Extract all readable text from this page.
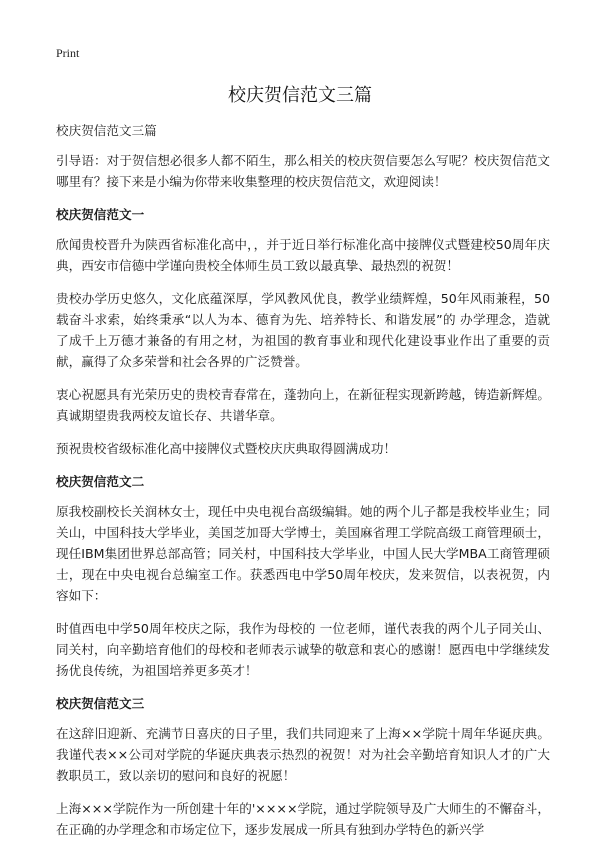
Print
校庆贺信范文三篇

校庆贺信范文三篇

引导语：对于贺信想必很多人都不陌生，那么相关的校庆贺信要怎么写呢？校庆贺信范文哪里有？接下来是小编为你带来收集整理的校庆贺信范文，欢迎阅读！

校庆贺信范文一

欣闻贵校晋升为陕西省标准化高中，，并于近日举行标准化高中接牌仪式暨建校50周年庆典，西安市信德中学谨向贵校全体师生员工致以最真挚、最热烈的祝贺！

贵校办学历史悠久，文化底蕴深厚，学风教风优良，教学业绩辉煌，50年风雨兼程，50载奋斗求索，始终秉承“以人为本、德育为先、培养特长、和谐发展”的 办学理念，造就了成千上万德才兼备的有用之材，为祖国的教育事业和现代化建设事业作出了重要的贡献，赢得了众多荣誉和社会各界的广泛赞誉。

衷心祝愿具有光荣历史的贵校青春常在，蓬勃向上，在新征程实现新跨越，铸造新辉煌。真诚期望贵我两校友谊长存、共谱华章。

预祝贵校省级标准化高中接牌仪式暨校庆庆典取得圆满成功！

校庆贺信范文二

原我校副校长关润林女士，现任中央电视台高级编辑。她的两个儿子都是我校毕业生；同关山，中国科技大学毕业，美国芝加哥大学博士，美国麻省理工学院高级工商管理硕士，现任IBM集团世界总部高管；同关村，中国科技大学毕业，中国人民大学MBA工商管理硕士，现在中央电视台总编室工作。获悉西电中学50周年校庆，发来贺信，以表祝贺，内容如下：

时值西电中学50周年校庆之际，我作为母校的 一位老师，谨代表我的两个儿子同关山、同关村，向辛勤培育他们的母校和老师表示诚挚的敬意和衷心的感谢！愿西电中学继续发扬优良传统，为祖国培养更多英才！

校庆贺信范文三

在这辞旧迎新、充满节日喜庆的日子里，我们共同迎来了上海××学院十周年华诞庆典。我谨代表××公司对学院的华诞庆典表示热烈的祝贺！对为社会辛勤培育知识人才的广大教职员工，致以亲切的慰问和良好的祝愿！

上海×××学院作为一所创建十年的'××××学院，通过学院领导及广大师生的不懈奋斗，在正确的办学理念和市场定位下，逐步发展成一所具有独到办学特色的新兴学
